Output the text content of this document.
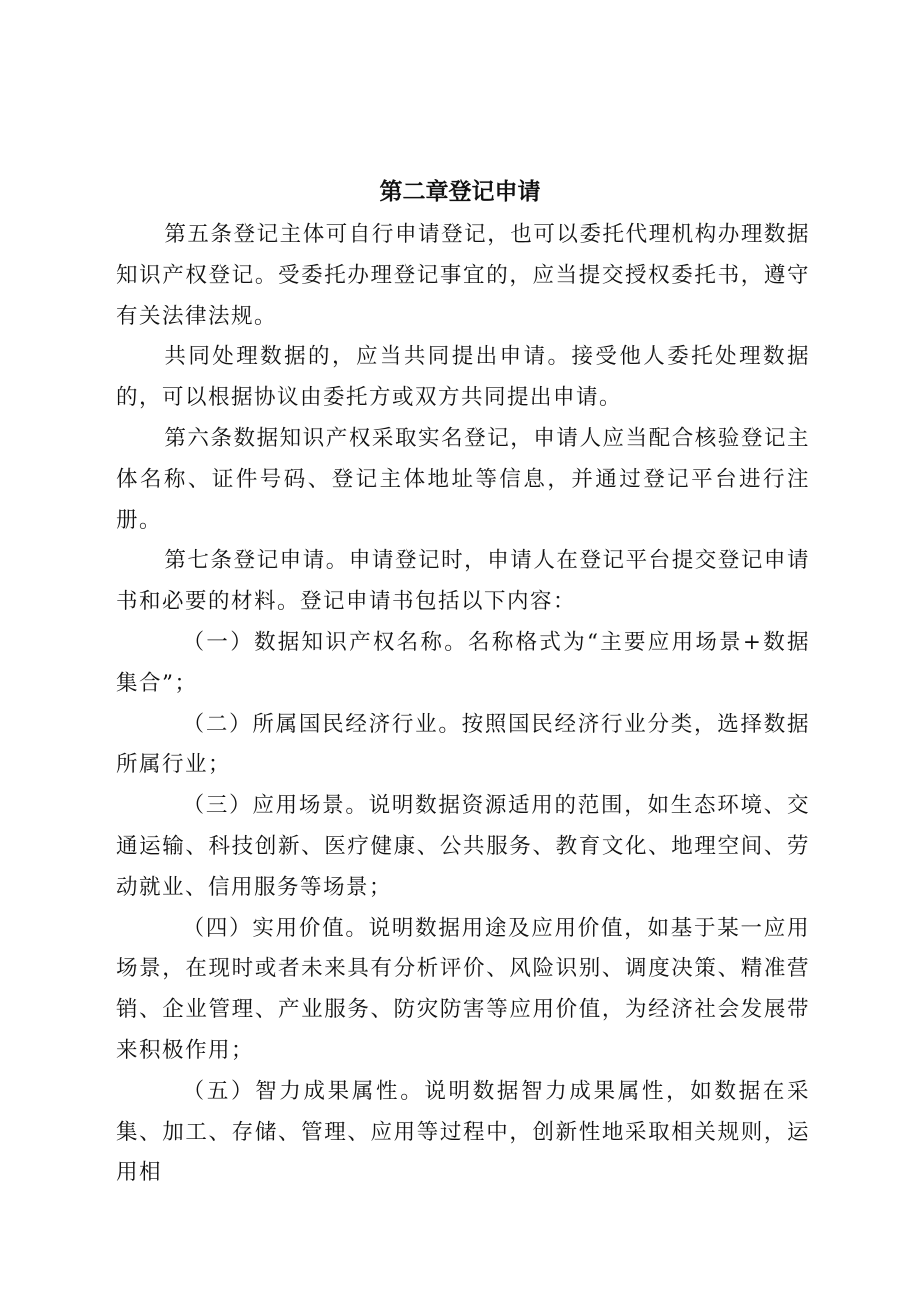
第二章登记申请

第五条登记主体可自行申请登记，也可以委托代理机构办理数据知识产权登记。受委托办理登记事宜的，应当提交授权委托书，遵守有关法律法规。

共同处理数据的，应当共同提出申请。接受他人委托处理数据的，可以根据协议由委托方或双方共同提出申请。

第六条数据知识产权采取实名登记，申请人应当配合核验登记主体名称、证件号码、登记主体地址等信息，并通过登记平台进行注册。

第七条登记申请。申请登记时，申请人在登记平台提交登记申请书和必要的材料。登记申请书包括以下内容：

（一）数据知识产权名称。名称格式为“主要应用场景+数据集合”；

（二）所属国民经济行业。按照国民经济行业分类，选择数据所属行业；

（三）应用场景。说明数据资源适用的范围，如生态环境、交通运输、科技创新、医疗健康、公共服务、教育文化、地理空间、劳动就业、信用服务等场景；

（四）实用价值。说明数据用途及应用价值，如基于某一应用场景，在现时或者未来具有分析评价、风险识别、调度决策、精准营销、企业管理、产业服务、防灾防害等应用价值，为经济社会发展带来积极作用；

（五）智力成果属性。说明数据智力成果属性，如数据在采集、加工、存储、管理、应用等过程中，创新性地采取相关规则，运用相
